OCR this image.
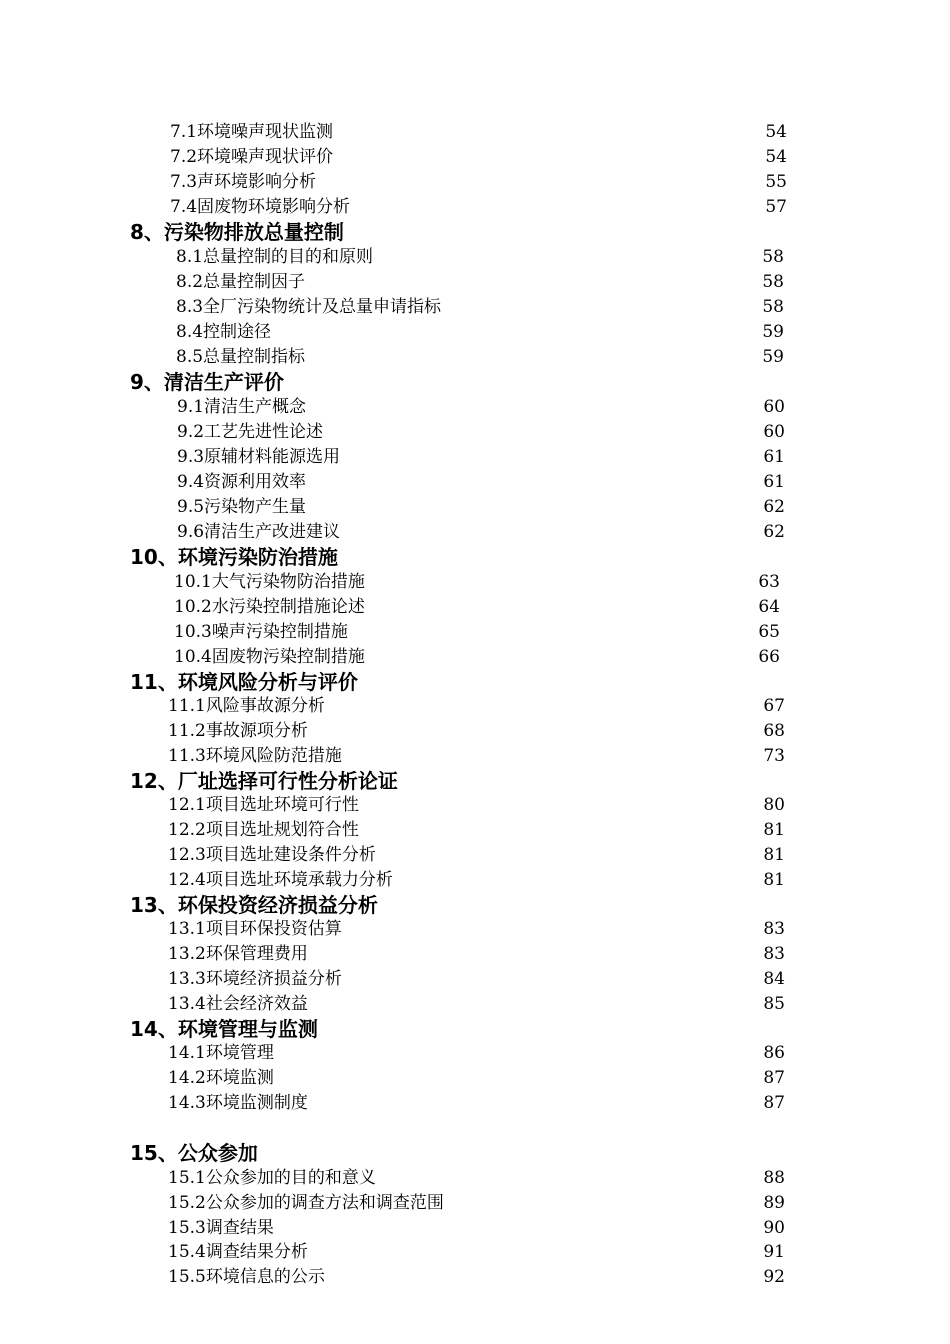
7.1环境噪声现状监测	54
7.2环境噪声现状评价	54
7.3声环境影响分析	55
7.4固废物环境影响分析	57
8、污染物排放总量控制
8.1总量控制的目的和原则	58
8.2总量控制因子	58
8.3全厂污染物统计及总量申请指标	58
8.4控制途径	59
8.5总量控制指标	59
9、清洁生产评价
9.1清洁生产概念	60
9.2工艺先进性论述	60
9.3原辅材料能源选用	61
9.4资源利用效率	61
9.5污染物产生量	62
9.6清洁生产改进建议	62
10、环境污染防治措施
10.1大气污染物防治措施	63
10.2水污染控制措施论述	64
10.3噪声污染控制措施	65
10.4固废物污染控制措施	66
11、环境风险分析与评价
11.1风险事故源分析	67
11.2事故源项分析	68
11.3环境风险防范措施	73
12、厂址选择可行性分析论证
12.1项目选址环境可行性	80
12.2项目选址规划符合性	81
12.3项目选址建设条件分析	81
12.4项目选址环境承载力分析	81
13、环保投资经济损益分析
13.1项目环保投资估算	83
13.2环保管理费用	83
13.3环境经济损益分析	84
13.4社会经济效益	85
14、环境管理与监测
14.1环境管理	86
14.2环境监测	87
14.3环境监测制度	87
15、公众参加
15.1公众参加的目的和意义	88
15.2公众参加的调查方法和调查范围	89
15.3调查结果	90
15.4调查结果分析	91
15.5环境信息的公示	92
